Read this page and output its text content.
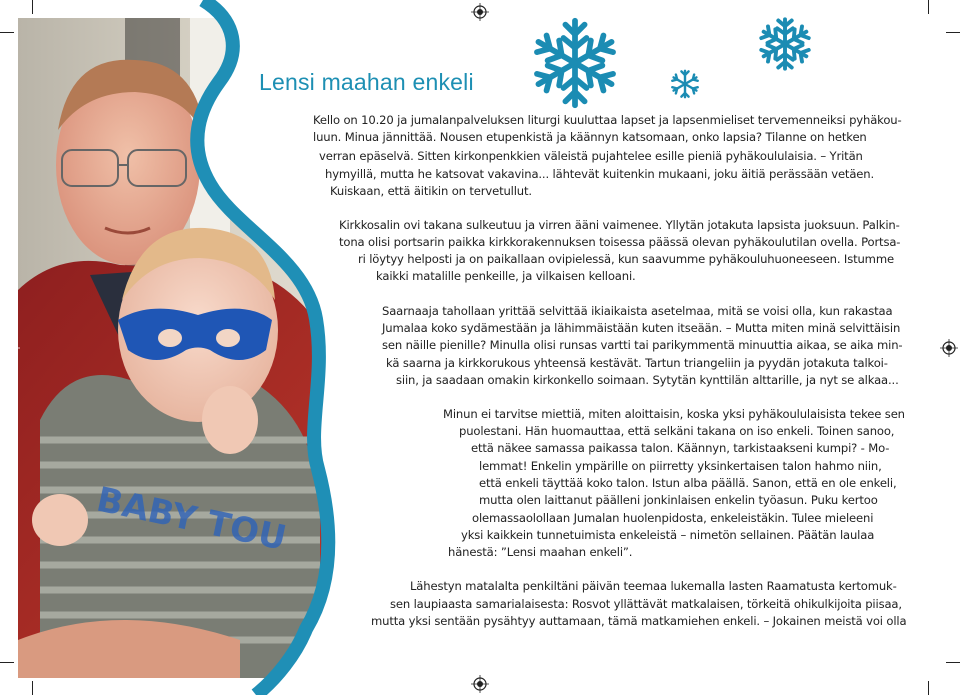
BABY TOU
Lensi maahan enkeli
Kello on 10.20 ja jumalanpalveluksen liturgi kuuluttaa lapset ja lapsenmieliset tervemenneiksi pyhäkou-
luun. Minua jännittää. Nousen etupenkistä ja käännyn katsomaan, onko lapsia? Tilanne on hetken
verran epäselvä. Sitten kirkonpenkkien väleistä pujahtelee esille pieniä pyhäkoululaisia. – Yritän
hymyillä, mutta he katsovat vakavina... lähtevät kuitenkin mukaani, joku äitiä perässään vetäen.
Kuiskaan, että äitikin on tervetullut.
Kirkkosalin ovi takana sulkeutuu ja virren ääni vaimenee. Yllytän jotakuta lapsista juoksuun. Palkin-
tona olisi portsarin paikka kirkkorakennuksen toisessa päässä olevan pyhäkoulutilan ovella. Portsa-
ri löytyy helposti ja on paikallaan ovipielessä, kun saavumme pyhäkouluhuoneeseen. Istumme
kaikki matalille penkeille, ja vilkaisen kelloani.
Saarnaaja tahollaan yrittää selvittää ikiaikaista asetelmaa, mitä se voisi olla, kun rakastaa
Jumalaa koko sydämestään ja lähimmäistään kuten itseään. – Mutta miten minä selvittäisin
sen näille pienille? Minulla olisi runsas vartti tai parikymmentä minuuttia aikaa, se aika min-
kä saarna ja kirkkorukous yhteensä kestävät. Tartun triangeliin ja pyydän jotakuta talkoi-
siin, ja saadaan omakin kirkonkello soimaan. Sytytän kynttilän alttarille, ja nyt se alkaa...
Minun ei tarvitse miettiä, miten aloittaisin, koska yksi pyhäkoululaisista tekee sen
puolestani. Hän huomauttaa, että selkäni takana on iso enkeli. Toinen sanoo,
että näkee samassa paikassa talon. Käännyn, tarkistaakseni kumpi? - Mo-
lemmat! Enkelin ympärille on piirretty yksinkertaisen talon hahmo niin,
että enkeli täyttää koko talon. Istun alba päällä. Sanon, että en ole enkeli,
mutta olen laittanut päälleni jonkinlaisen enkelin työasun. Puku kertoo
olemassaolollaan Jumalan huolenpidosta, enkeleistäkin. Tulee mieleeni
yksi kaikkein tunnetuimista enkeleistä – nimetön sellainen. Päätän laulaa
hänestä: ”Lensi maahan enkeli”.
Lähestyn matalalta penkiltäni päivän teemaa lukemalla lasten Raamatusta kertomuk-
sen laupiaasta samarialaisesta: Rosvot yllättävät matkalaisen, törkeitä ohikulkijoita piisaa,
mutta yksi sentään pysähtyy auttamaan, tämä matkamiehen enkeli. – Jokainen meistä voi olla
